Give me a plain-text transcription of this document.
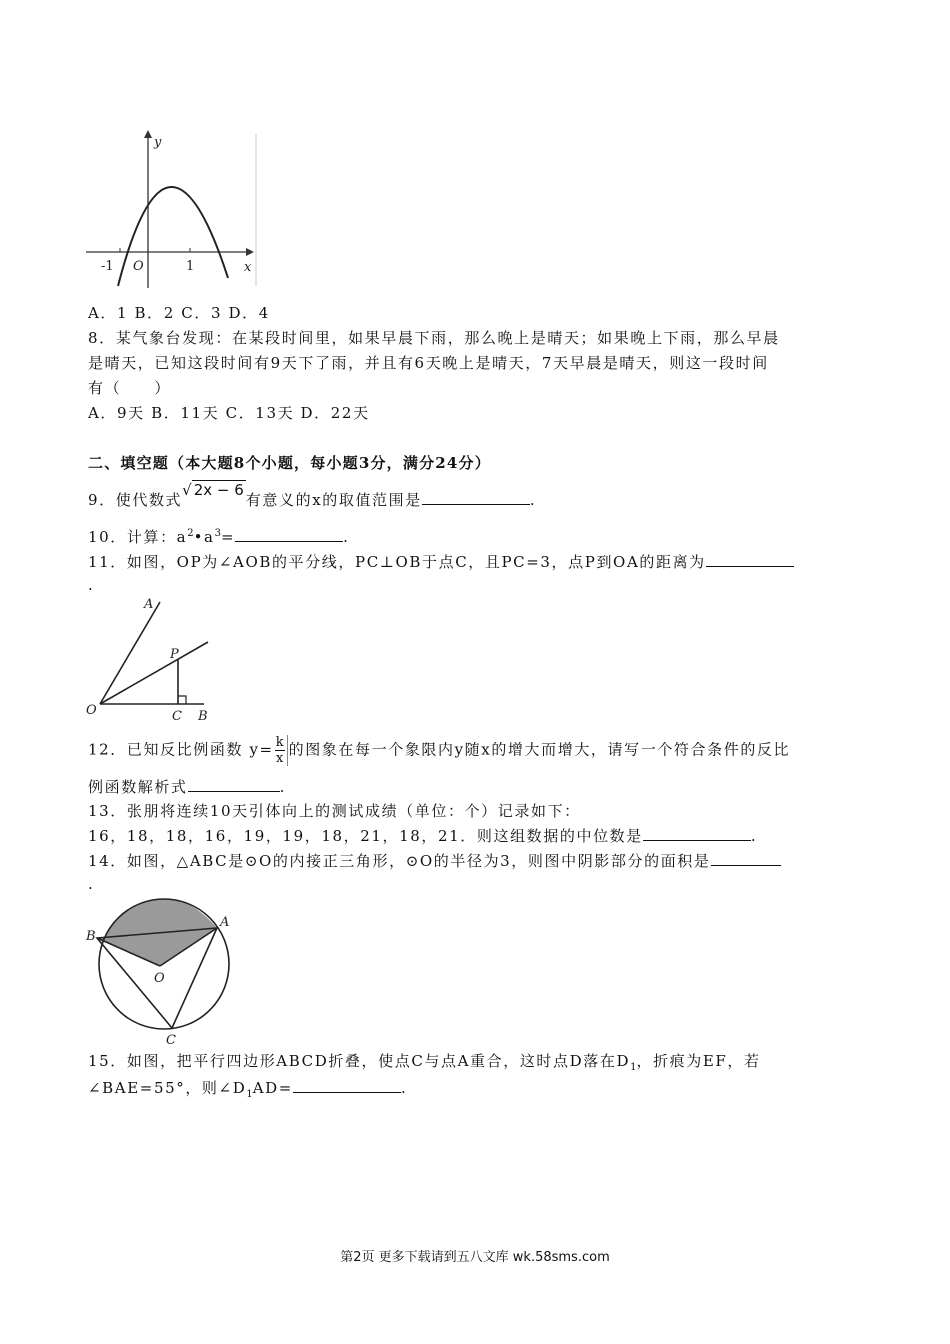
y
x
O
-1	1
A．1 B．2 C．3 D．4
8．某气象台发现：在某段时间里，如果早晨下雨，那么晚上是晴天；如果晚上下雨，那么早晨
是晴天，已知这段时间有9天下了雨，并且有6天晚上是晴天，7天早晨是晴天，则这一段时间
有（　　）
A．9天 B．11天 C．13天 D．22天
二、填空题（本大题8个小题，每小题3分，满分24分）
9．使代数式√ 2x − 6有意义的x的取值范围是	.
10．计算：$a^2•a^3=$	.
11．如图，OP为∠AOB的平分线，PC⊥OB于点C，且PC=3，点P到OA的距离为
.
A
P
O	C B
12．已知反比例函数 $y= \frac{k}{x}$ 的图象在每一个象限内y随x的增大而增大，请写一个符合条件的反比
例函数解析式	.
13．张朋将连续10天引体向上的测试成绩（单位：个）记录如下：
16，18，18，16，19，19，18，21，18，21．则这组数据的中位数是	.
14．如图，△ABC是⊙O的内接正三角形，⊙O的半径为3，则图中阴影部分的面积是
.
B
A
O
C
15．如图，把平行四边形ABCD折叠，使点C与点A重合，这时点D落在$D_1$，折痕为EF，若
∠BAE=55°，则$\angle D_1AD=$	.
第2页 更多下载请到五八文库 wk.58sms.com
